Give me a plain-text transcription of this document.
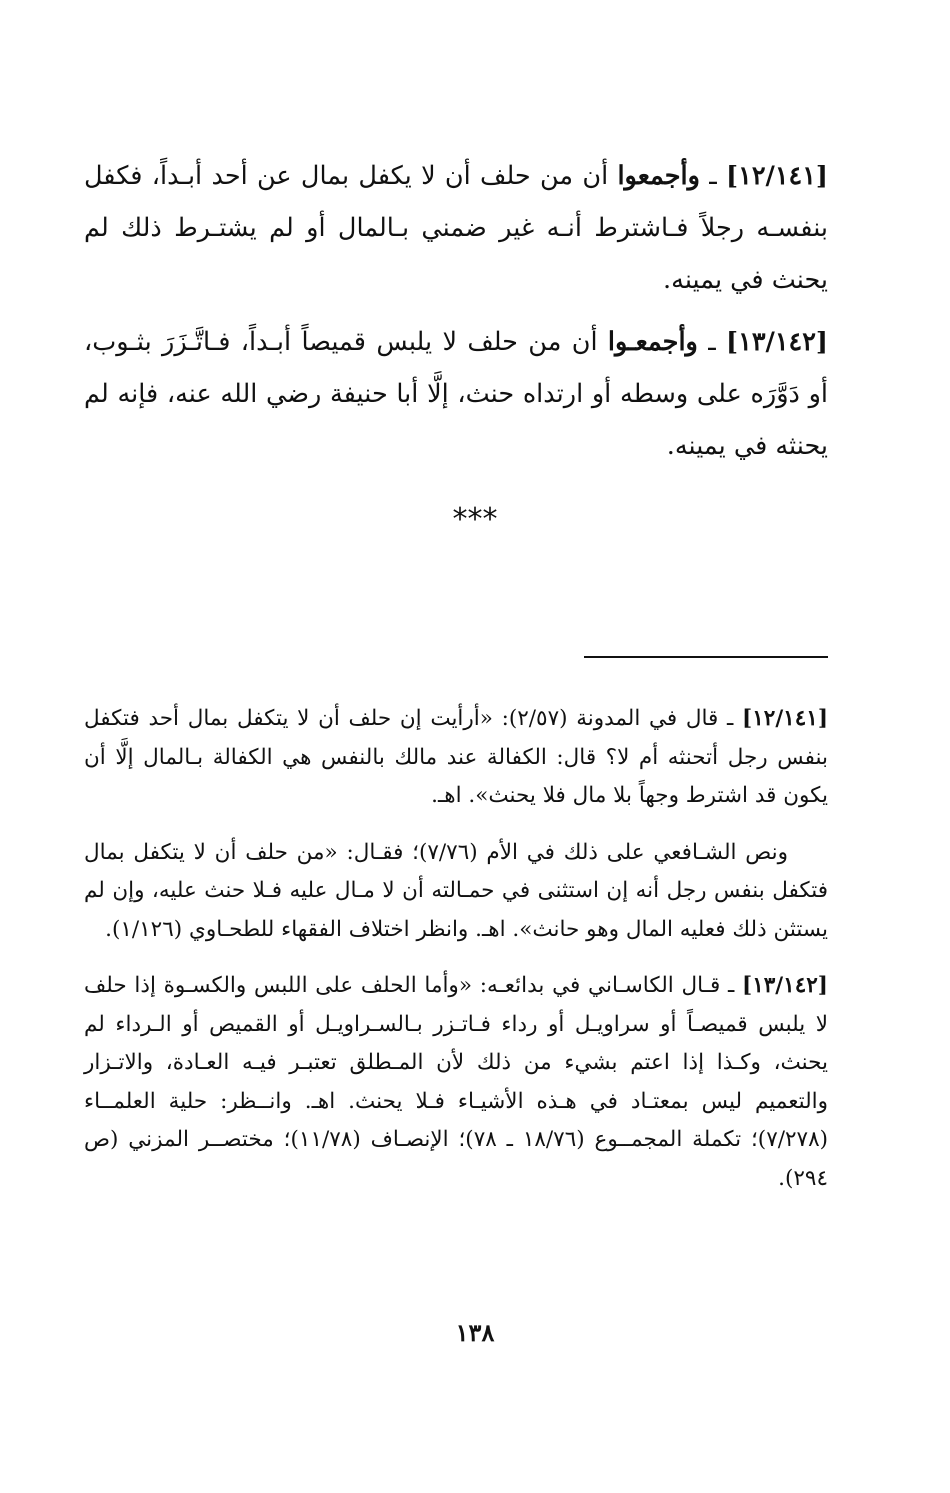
[١٢/١٤١] ـ وأجمعوا أن من حلف أن لا يكفل بمال عن أحد أبـداً، فكفل بنفسـه رجلاً فـاشترط أنـه غير ضمني بـالمال أو لم يشتـرط ذلك لم يحنث في يمينه.

[١٣/١٤٢] ـ وأجمعـوا أن من حلف لا يلبس قميصاً أبـداً، فـاتَّـزَرَ بثـوب، أو دَوَّرَه على وسطه أو ارتداه حنث، إلَّا أبا حنيفة رضي الله عنه، فإنه لم يحنثه في يمينه.

***

[١٢/١٤١] ـ قال في المدونة (٢/٥٧): «أرأيت إن حلف أن لا يتكفل بمال أحد فتكفل بنفس رجل أتحنثه أم لا؟ قال: الكفالة عند مالك بالنفس هي الكفالة بـالمال إلَّا أن يكون قد اشترط وجهاً بلا مال فلا يحنث». اهـ.

ونص الشـافعي على ذلك في الأم (٧/٧٦)؛ فقـال: «من حلف أن لا يتكفل بمال فتكفل بنفس رجل أنه إن استثنى في حمـالته أن لا مـال عليه فـلا حنث عليه، وإن لم يستثن ذلك فعليه المال وهو حانث». اهـ. وانظر اختلاف الفقهاء للطحـاوي (١/١٢٦).

[١٣/١٤٢] ـ قـال الكاسـاني في بدائعـه: «وأما الحلف على اللبس والكسـوة إذا حلف لا يلبس قميصـاً أو سراويـل أو رداء فـاتـزر بـالسـراويـل أو القميص أو الـرداء لم يحنث، وكـذا إذا اعتم بشيء من ذلك لأن المـطلق تعتبـر فيـه العـادة، والاتـزار والتعميم ليس بمعتـاد في هـذه الأشيـاء فـلا يحنث. اهـ. وانــظر: حلية العلمــاء (٧/٢٧٨)؛ تكملة المجمــوع (١٨/٧٦ ـ ٧٨)؛ الإنصـاف (١١/٧٨)؛ مختصــر المزني (ص ٢٩٤).

١٣٨
